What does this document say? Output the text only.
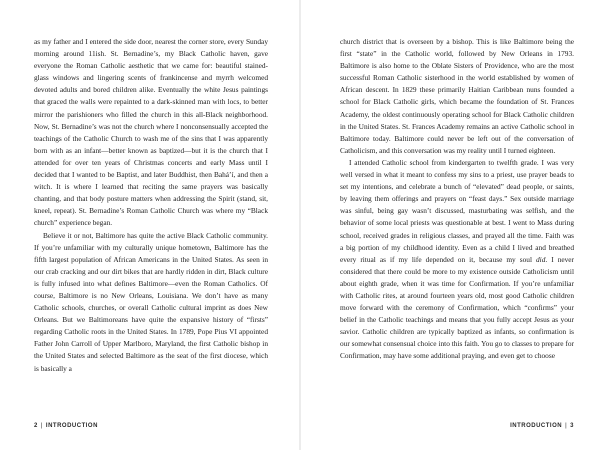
as my father and I entered the side door, nearest the corner store, every Sunday morning around 11ish. St. Bernadine’s, my Black Catholic haven, gave everyone the Roman Catholic aesthetic that we came for: beautiful stained-glass windows and lingering scents of frankincense and myrrh welcomed devoted adults and bored children alike. Eventually the white Jesus paintings that graced the walls were repainted to a dark-skinned man with locs, to better mirror the parishioners who filled the church in this all-Black neighborhood. Now, St. Bernadine’s was not the church where I nonconsensually accepted the teachings of the Catholic Church to wash me of the sins that I was apparently born with as an infant—better known as baptized—but it is the church that I attended for over ten years of Christmas concerts and early Mass until I decided that I wanted to be Baptist, and later Buddhist, then Bahá’í, and then a witch. It is where I learned that reciting the same prayers was basically chanting, and that body posture matters when addressing the Spirit (stand, sit, kneel, repeat). St. Bernadine’s Roman Catholic Church was where my “Black church” experience began.

Believe it or not, Baltimore has quite the active Black Catholic community. If you’re unfamiliar with my culturally unique hometown, Baltimore has the fifth largest population of African Americans in the United States. As seen in our crab cracking and our dirt bikes that are hardly ridden in dirt, Black culture is fully infused into what defines Baltimore—even the Roman Catholics. Of course, Baltimore is no New Orleans, Louisiana. We don’t have as many Catholic schools, churches, or overall Catholic cultural imprint as does New Orleans. But we Baltimoreans have quite the expansive history of “firsts” regarding Catholic roots in the United States. In 1789, Pope Pius VI appointed Father John Carroll of Upper Marlboro, Maryland, the first Catholic bishop in the United States and selected Baltimore as the seat of the first diocese, which is basically a

2 | INTRODUCTION

church district that is overseen by a bishop. This is like Baltimore being the first “state” in the Catholic world, followed by New Orleans in 1793. Baltimore is also home to the Oblate Sisters of Providence, who are the most successful Roman Catholic sisterhood in the world established by women of African descent. In 1829 these primarily Haitian Caribbean nuns founded a school for Black Catholic girls, which became the foundation of St. Frances Academy, the oldest continuously operating school for Black Catholic children in the United States. St. Frances Academy remains an active Catholic school in Baltimore today. Baltimore could never be left out of the conversation of Catholicism, and this conversation was my reality until I turned eighteen.

I attended Catholic school from kindergarten to twelfth grade. I was very well versed in what it meant to confess my sins to a priest, use prayer beads to set my intentions, and celebrate a bunch of “elevated” dead people, or saints, by leaving them offerings and prayers on “feast days.” Sex outside marriage was sinful, being gay wasn’t discussed, masturbating was selfish, and the behavior of some local priests was questionable at best. I went to Mass during school, received grades in religious classes, and prayed all the time. Faith was a big portion of my childhood identity. Even as a child I lived and breathed every ritual as if my life depended on it, because my soul did. I never considered that there could be more to my existence outside Catholicism until about eighth grade, when it was time for Confirmation. If you’re unfamiliar with Catholic rites, at around fourteen years old, most good Catholic children move forward with the ceremony of Confirmation, which “confirms” your belief in the Catholic teachings and means that you fully accept Jesus as your savior. Catholic children are typically baptized as infants, so confirmation is our somewhat consensual choice into this faith. You go to classes to prepare for Confirmation, may have some additional praying, and even get to choose

INTRODUCTION | 3
